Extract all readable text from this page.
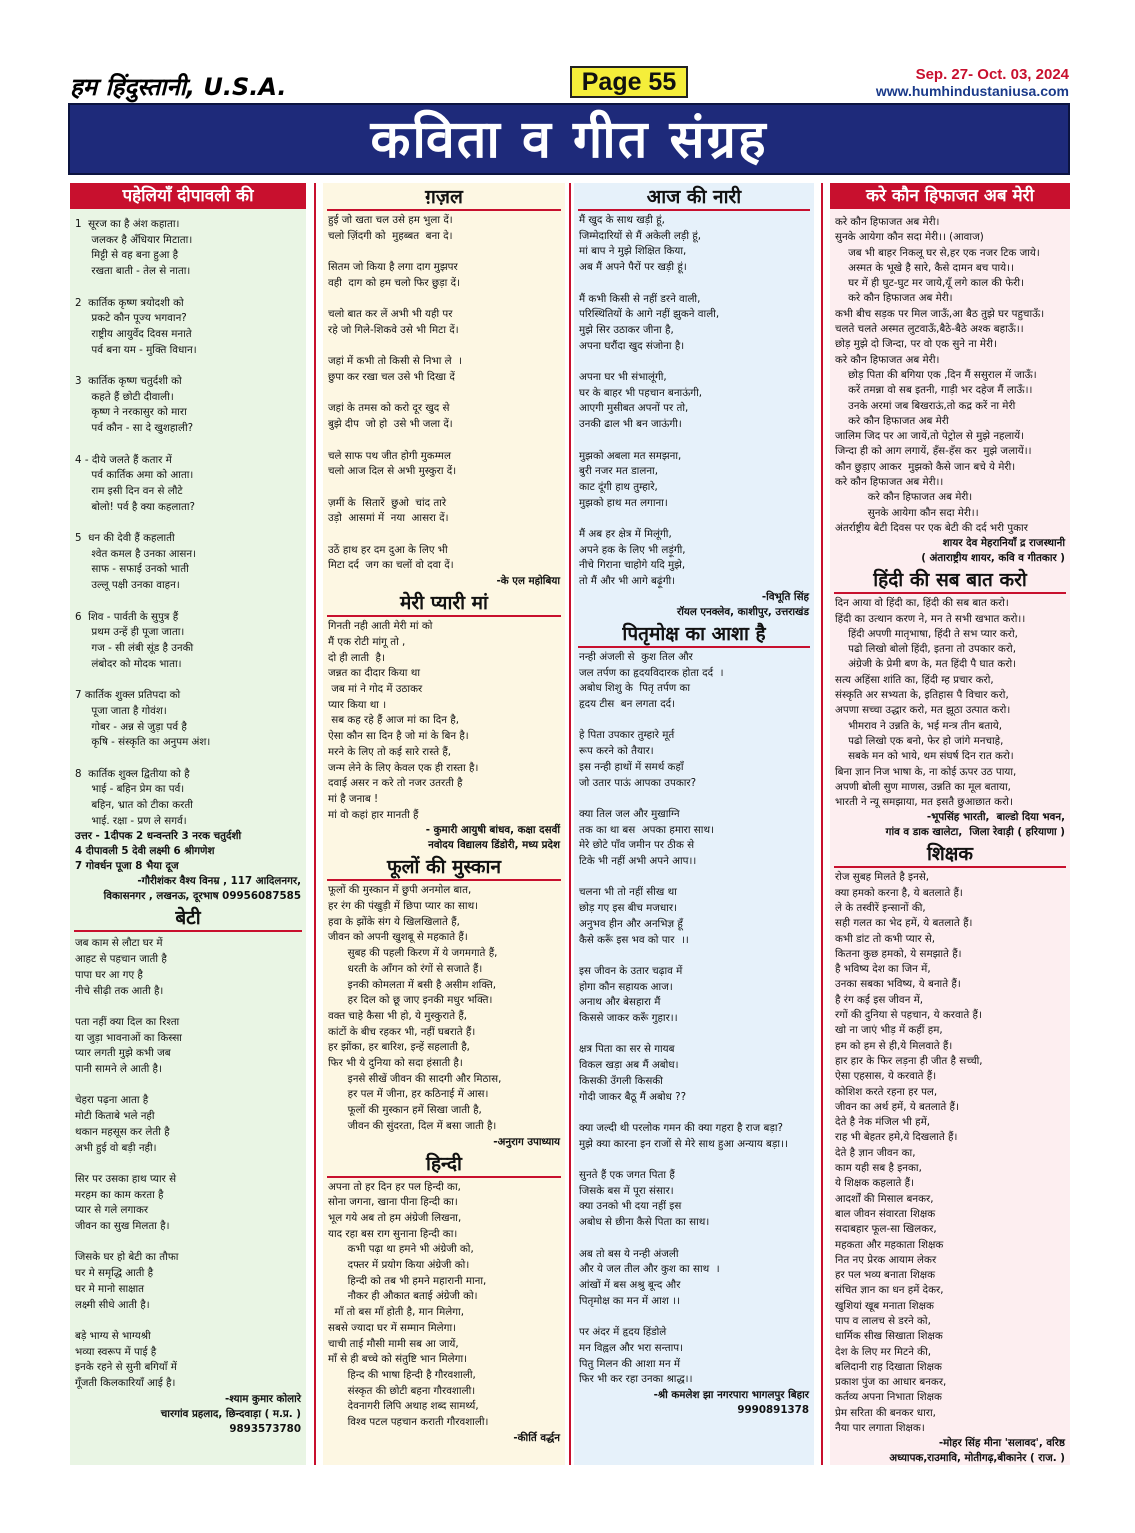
हम हिंदुस्तानी, U.S.A.	Page 55	Sep. 27- Oct. 03, 2024
www.humhindustaniusa.com
कविता व गीत संग्रह
पहेलियाँ दीपावली की
1  सूरज का है अंश कहाता।
जलकर है अँधियार मिटाता।
मिट्टी से वह बना हुआ है
रखता बाती - तेल से नाता।

2  कार्तिक कृष्ण त्रयोदशी को
प्रकटे कौन पूज्य भगवान?
राष्ट्रीय आयुर्वेद दिवस मनाते
पर्व बना यम - मुक्ति विधान।

3  कार्तिक कृष्ण चतुर्दशी को
कहते हैं छोटी दीवाली।
कृष्ण ने नरकासुर को मारा
पर्व कौन - सा दे खुशहाली?

4 - दीये जलते हैं कतार में
पर्व कार्तिक अमा को आता।
राम इसी दिन वन से लौटे
बोलो! पर्व है क्या कहलाता?

5  धन की देवी हैं कहलाती
श्वेत कमल है उनका आसन।
साफ - सफाई उनको भाती
उल्लू पक्षी उनका वाहन।

6  शिव - पार्वती के सुपुत्र हैं
प्रथम उन्हें ही पूजा जाता।
गज - सी लंबी सूंड है उनकी
लंबोदर को मोदक भाता।

7 कार्तिक शुक्ल प्रतिपदा को
पूजा जाता है गोवंश।
गोबर - अन्न से जुड़ा पर्व है
कृषि - संस्कृति का अनुपम अंश।

8  कार्तिक शुक्ल द्वितीया को है
भाई - बहिन प्रेम का पर्व।
बहिन, भ्रात को टीका करती
भाई. रक्षा - प्रण ले सगर्व।
उत्तर - 1दीपक 2 धन्वन्तरि 3 नरक चतुर्दशी
4 दीपावली 5 देवी लक्ष्मी 6 श्रीगणेश
7 गोवर्धन पूजा 8 भैया दूज
-गौरीशंकर वैश्य विनम्र , 117 आदिलनगर,
विकासनगर , लखनऊ, दूरभाष 09956087585
बेटी
जब काम से लौटा घर में
आहट से पहचान जाती है
पापा घर आ गए है
नीचे सीढ़ी तक आती है।

पता नहीं क्या दिल का रिश्ता
या जुड़ा भावनाओं का किस्सा
प्यार लगती मुझे कभी जब
पानी सामने ले आती है।

चेहरा पढ़ना आता है
मोटी किताबे भले नही
थकान महसूस कर लेती है
अभी हुई वो बड़ी नही।

सिर पर उसका हाथ प्यार से
मरहम का काम करता है
प्यार से गले लगाकर
जीवन का सुख मिलता है।

जिसके घर हो बेटी का तौफा
घर मे समृद्धि आती है
घर मे मानो साक्षात
लक्ष्मी सीधे आती है।

बड़े भाग्य से भाग्यश्री
भव्या स्वरूप में पाई है
इनके रहने से सुनी बगियाँ में
गूँजती किलकारियाँ आई है।
-श्याम कुमार कोलारे
चारगांव प्रहलाद, छिन्दवाड़ा ( म.प्र. )
9893573780
ग़ज़ल
हुई जो खता चल उसे हम भुला दें।
चलो ज़िंदगी को  मुहब्बत  बना दे।

सितम जो किया है लगा दाग मुझपर
वही  दाग को हम चलो फिर छुड़ा दें।

चलो बात कर लें अभी भी यही पर
रहे जो गिले-शिकवे उसे भी मिटा दें।

जहां में कभी तो किसी से निभा ले  ।
छुपा कर रखा चल उसे भी दिखा दें

जहां के तमस को करो दूर खुद से
बुझे दीप  जो हो  उसे भी जला दें।

चले साफ पथ जीत होगी मुकम्मल
चलो आज दिल से अभी मुस्कुरा दें।

ज़मीं के  सितारें  छुओ  चांद तारे
उड़ो  आसमां में  नया  आसरा दें।

उठें हाथ हर दम दुआ के लिए भी
मिटा दर्द  जग का चलों वो दवा दें।
-के एल महोबिया
मेरी प्यारी मां
गिनती नही आती मेरी मां को
मैं एक रोटी मांगू तो ,
दो ही लाती  है।
जन्नत का दीदार किया था
जब मां ने गोद में उठाकर
प्यार किया था ।
सब कह रहे हैं आज मां का दिन है,
ऐसा कौन सा दिन है जो मां के बिन है।
मरने के लिए तो कई सारे रास्ते हैं,
जन्म लेने के लिए केवल एक ही रास्ता है।
दवाई असर न करे तो नजर उतरती है
मां है जनाब !
मां वो कहां हार मानती हैं
- कुमारी आयुषी बांधव, कक्षा दसवीं
नवोदय विद्यालय डिंडोरी, मध्य प्रदेश
फूलों की मुस्कान
फूलों की मुस्कान में छुपी अनमोल बात,
हर रंग की पंखुड़ी में छिपा प्यार का साथ।
हवा के झोंके संग ये खिलखिलाते हैं,
जीवन को अपनी खुशबू से महकाते हैं।
सुबह की पहली किरण में ये जगमगाते हैं,
धरती के आँगन को रंगों से सजाते हैं।
इनकी कोमलता में बसी है असीम शक्ति,
हर दिल को छू जाए इनकी मधुर भक्ति।
वक्त चाहे कैसा भी हो, ये मुस्कुराते हैं,
कांटों के बीच रहकर भी, नहीं घबराते हैं।
हर झोंका, हर बारिश, इन्हें सहलाती है,
फिर भी ये दुनिया को सदा हंसाती है।
इनसे सीखें जीवन की सादगी और मिठास,
हर पल में जीना, हर कठिनाई में आस।
फूलों की मुस्कान हमें सिखा जाती है,
जीवन की सुंदरता, दिल में बसा जाती है।
-अनुराग उपाध्याय
हिन्दी
अपना तो हर दिन हर पल हिन्दी का,
सोना जगना, खाना पीना हिन्दी का।
भूल गये अब तो हम अंग्रेजी लिखना,
याद रहा बस राग सुनाना हिन्दी का।
कभी पढ़ा था हमने भी अंग्रेजी को,
दफ्तर में प्रयोग किया अंग्रेजी को।
हिन्दी को तब भी हमने महारानी माना,
नौकर ही औकात बताई अंग्रेजी को।
माँ तो बस माँ होती है, मान मिलेगा,
सबसे ज्यादा घर में सम्मान मिलेगा।
चाची ताई मौसी मामी सब आ जायें,
माँ से ही बच्चे को संतुष्टि भान मिलेगा।
हिन्द की भाषा हिन्दी है गौरवशाली,
संस्कृत की छोटी बहना गौरवशाली।
देवनागरी लिपि अथाह शब्द सामर्थ्य,
विश्व पटल पहचान कराती गौरवशाली।
-कीर्ति वर्द्धन
आज की नारी
मैं खुद के साथ खड़ी हूं,
जिम्मेदारियों से मैं अकेली लड़ी हूं,
मां बाप ने मुझे शिक्षित किया,
अब मैं अपने पैरों पर खड़ी हूं।

मैं कभी किसी से नहीं डरने वाली,
परिस्थितियों के आगे नहीं झुकने वाली,
मुझे सिर उठाकर जीना है,
अपना घरौंदा खुद संजोना है।

अपना घर भी संभालूंगी,
घर के बाहर भी पहचान बनाऊंगी,
आएगी मुसीबत अपनों पर तो,
उनकी ढाल भी बन जाऊंगी।

मुझको अबला मत समझना,
बुरी नजर मत डालना,
काट दूंगी हाथ तुम्हारे,
मुझको हाथ मत लगाना।

मैं अब हर क्षेत्र में मिलूंगी,
अपने हक के लिए भी लड़ूंगी,
नीचे गिराना चाहोगे यदि मुझे,
तो मैं और भी आगे बढ़ूंगी।
-विभूति सिंह
रॉयल एनक्लेव, काशीपुर, उत्तराखंड
पितृमोक्ष का आशा है
नन्ही अंजली से  कुश तिल और
जल तर्पण का हृदयविदारक होता दर्द  ।
अबोध शिशु के  पितृ तर्पण का
हृदय टीस  बन लगता दर्द।

हे पिता उपकार तुम्हारे मूर्त
रूप करने को तैयार।
इस नन्ही हाथों में समर्थ कहाँ
जो उतार पाऊं आपका उपकार?

क्या तिल जल और मुखाग्नि
तक का था बस  अपका हमारा साथ।
मेरे छोटे पाँव जमीन पर ठीक से
टिके भी नहीं अभी अपने आप।।

चलना भी तो नहीं सीख था
छोड़ गए इस बीच मजधार।
अनुभव हीन और अनभिज्ञ हूँ
कैसे करूँ इस भव को पार  ।।

इस जीवन के उतार चढ़ाव में
होगा कौन सहायक आज।
अनाथ और बेसहारा मैं
किससे जाकर करूँ गुहार।।

क्षत्र पिता का सर से गायब
विकल खड़ा अब मैं अबोध।
किसकी उँगली किसकी
गोदी जाकर बैठू मैं अबोध ??

क्या जल्दी थी परलोक गमन की क्या गहरा है राज बड़ा?
मुझे क्या कारना इन राजों से मेरे साथ हुआ अन्याय बड़ा।।

सुनते हैं एक जगत पिता हैं
जिसके बस में पूरा संसार।
क्या उनको भी दया नहीं इस
अबोध से छीना कैसे पिता का साथ।

अब तो बस ये नन्ही अंजली
और ये जल तील और कुश का साथ  ।
आंखों में बस अश्रु बून्द और
पितृमोक्ष का मन में आश ।।

पर अंदर में हृदय हिंडोले
मन विह्वल और भरा सन्ताप।
पितु मिलन की आशा मन में
फिर भी कर रहा उनका श्राद्ध।।
-श्री कमलेश झा नगरपारा भागलपुर बिहार
9990891378
करे कौन हिफाजत अब मेरी
करे कौन हिफाजत अब मेरी।
सुनके आयेगा कौन सदा मेरी।। (आवाज)
जब भी बाहर निकलू घर से,हर एक नजर टिक जाये।
अस्मत के भूखे है सारे, कैसे दामन बच पाये।।
घर में ही घुट-घुट मर जाये,यूँ लगे काल की फेरी।
करे कौन हिफाजत अब मेरी।
कभी बीच सड़क पर मिल जाऊँ,आ बैठ तुझे घर पहुचाऊँ।
चलते चलते अस्मत लुटवाऊँ,बैठे-बैठे अश्क बहाऊँ।।
छोड़ मुझे दो जिन्दा, पर वो एक सुने ना मेरी।
करे कौन हिफाजत अब मेरी।
छोड़ पिता की बगिया एक ,दिन मैं ससुराल में जाऊँ।
करें तमन्ना वो सब इतनी, गाड़ी भर दहेज मैं लाऊँ।।
उनके अरमां जब बिखराऊं,तो कद्र करें ना मेरी
करे कौन हिफाजत अब मेरी
जालिम जिद पर आ जायें,तो पेट्रोल से मुझे नहलायें।
जिन्दा ही को आग लगायें, हँस-हँस कर  मुझे जलायें।।
कौन छुड़ाए आकर  मुझको कैसे जान बचे ये मेरी।
करे कौन हिफाजत अब मेरी।।
करे कौन हिफाजत अब मेरी।
सुनके आयेगा कौन सदा मेरी।।
अंतर्राष्ट्रीय बेटी दिवस पर एक बेटी की दर्द भरी पुकार
शायर देव मेहरानियाँ द्र राजस्थानी
( अंताराष्ट्रीय शायर, कवि व गीतकार )
हिंदी की सब बात करो
दिन आया वो हिंदी का, हिंदी की सब बात करो।
हिंदी का उत्थान करण ने, मन ते सभी खभात करो।।
हिंदी अपणी मातृभाषा, हिंदी ते सभ प्यार करो,
पढो लिखो बोलो हिंदी, इतना तो उपकार करो,
अंग्रेजी के प्रेमी बण के, मत हिंदी पै घात करो।
सत्य अहिंसा शांति का, हिंदी म्ह प्रचार करो,
संस्कृति अर सभ्यता के, इतिहास पै विचार करो,
अपणा सच्चा उद्धार करो, मत झूठा उत्पात करो।
भीमराव ने उन्नति के, भई मन्त्र तीन बताये,
पढो लिखो एक बनो, फेर हो जांगे मनचाहे,
सबके मन को भाये, थम संघर्ष दिन रात करो।
बिना ज्ञान निज भाषा के, ना कोई ऊपर उठ पाया,
अपणी बोली सुण माणस, उन्नति का मूल बताया,
भारती ने न्यू समझाया, मत इसतै छुआछात करो।
-भूपसिंह भारती,  बाल्डो दिया भवन,
गांव व डाक खालेटा,  जिला रेवाड़ी ( हरियाणा )
शिक्षक
रोज सुबह मिलते है इनसे,
क्या हमको करना है, ये बतलाते हैं।
ले के तस्वीरें इन्सानों की,
सही गलत का भेद हमें, ये बतलाते हैं।
कभी डांट तो कभी प्यार से,
कितना कुछ हमको, ये समझाते हैं।
है भविष्य देश का जिन में,
उनका सबका भविष्य, ये बनाते हैं।
है रंग कई इस जीवन में,
रगों की दुनिया से पहचान, ये करवाते हैं।
खो ना जाएं भीड़ में कहीं हम,
हम को हम से ही,ये मिलवाते हैं।
हार हार के फिर लड़ना ही जीत है सच्ची,
ऐसा एहसास, ये करवाते हैं।
कोशिश करते रहना हर पल,
जीवन का अर्थ हमें, ये बतलाते हैं।
देते है नेक मंजिल भी हमें,
राह भी बेहतर हमे,ये दिखलाते हैं।
देते है ज्ञान जीवन का,
काम यही सब है इनका,
ये शिक्षक कहलाते हैं।
आदर्शों की मिसाल बनकर,
बाल जीवन संवारता शिक्षक
सदाबहार फूल-सा खिलकर,
महकता और महकाता शिक्षक
नित नए प्रेरक आयाम लेकर
हर पल भव्य बनाता शिक्षक
संचित ज्ञान का धन हमें देकर,
खुशियां खूब मनाता शिक्षक
पाप व लालच से डरने को,
धार्मिक सीख सिखाता शिक्षक
देश के लिए मर मिटने की,
बलिदानी राह दिखाता शिक्षक
प्रकाश पुंज का आधार बनकर,
कर्तव्य अपना निभाता शिक्षक
प्रेम सरिता की बनकर धारा,
नैया पार लगाता शिक्षक।
-मोहर सिंह मीना 'सलावद', वरिष्ठ
अध्यापक,राउमावि, मोतीगढ़,बीकानेर ( राज. )
